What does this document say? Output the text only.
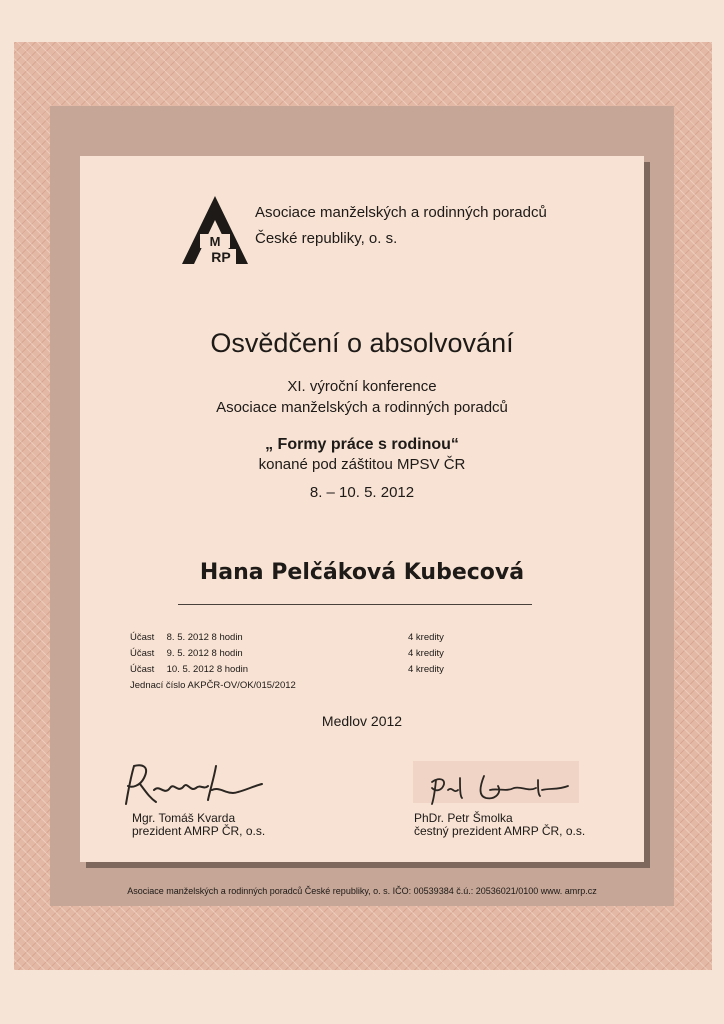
M
RP
Asociace manželských a rodinných poradců
České republiky, o. s.
Osvědčení o absolvování
XI. výroční konference
Asociace manželských a rodinných poradců
„ Formy práce s rodinou“
konané pod záštitou MPSV ČR
8. – 10. 5. 2012
Hana Pelčáková Kubecová
Účast 8. 5. 2012 8 hodin
Účast 9. 5. 2012 8 hodin
Účast 10. 5. 2012 8 hodin
4 kredity
4 kredity
4 kredity
Jednací číslo AKPČR-OV/OK/015/2012
Medlov 2012
Mgr. Tomáš Kvarda
prezident AMRP ČR, o.s.
PhDr. Petr Šmolka
čestný prezident AMRP ČR, o.s.
Asociace manželských a rodinných poradců České republiky, o. s. IČO: 00539384 č.ú.: 20536021/0100 www. amrp.cz
